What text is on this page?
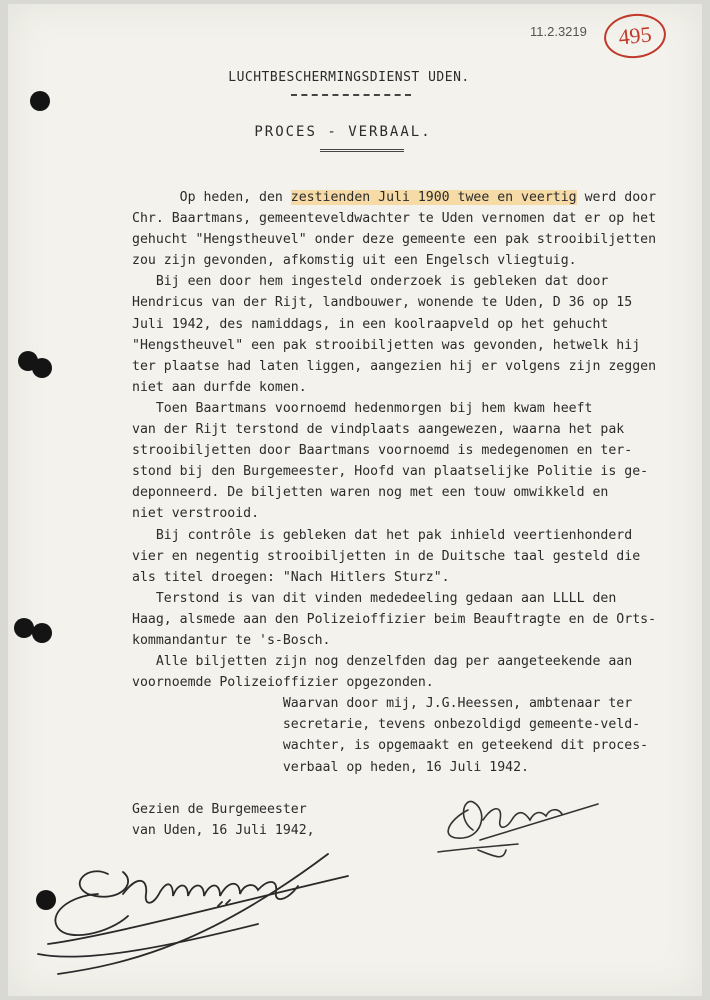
11.2.3219	495
LUCHTBESCHERMINGSDIENST UDEN.
PROCES - VERBAAL.
Op heden, den zestienden Juli 1900 twee en veertig werd door
Chr. Baartmans, gemeenteveldwachter te Uden vernomen dat er op het
gehucht "Hengstheuvel" onder deze gemeente een pak strooibiljetten
zou zijn gevonden, afkomstig uit een Engelsch vliegtuig.
Bij een door hem ingesteld onderzoek is gebleken dat door
Hendricus van der Rijt, landbouwer, wonende te Uden, D 36 op 15
Juli 1942, des namiddags, in een koolraapveld op het gehucht
"Hengstheuvel" een pak strooibiljetten was gevonden, hetwelk hij
ter plaatse had laten liggen, aangezien hij er volgens zijn zeggen
niet aan durfde komen.
Toen Baartmans voornoemd hedenmorgen bij hem kwam heeft
van der Rijt terstond de vindplaats aangewezen, waarna het pak
strooibiljetten door Baartmans voornoemd is medegenomen en ter-
stond bij den Burgemeester, Hoofd van plaatselijke Politie is ge-
deponneerd. De biljetten waren nog met een touw omwikkeld en
niet verstrooid.
Bij contrôle is gebleken dat het pak inhield veertienhonderd
vier en negentig strooibiljetten in de Duitsche taal gesteld die
als titel droegen: "Nach Hitlers Sturz".
Terstond is van dit vinden mededeeling gedaan aan LLLL den
Haag, alsmede aan den Polizeioffizier beim Beauftragte en de Orts-
kommandantur te 's-Bosch.
Alle biljetten zijn nog denzelfden dag per aangeteekende aan
voornoemde Polizeioffizier opgezonden.
Waarvan door mij, J.G.Heessen, ambtenaar ter
secretarie, tevens onbezoldigd gemeente-veld-
wachter, is opgemaakt en geteekend dit proces-
verbaal op heden, 16 Juli 1942.
Gezien de Burgemeester
van Uden, 16 Juli 1942,
